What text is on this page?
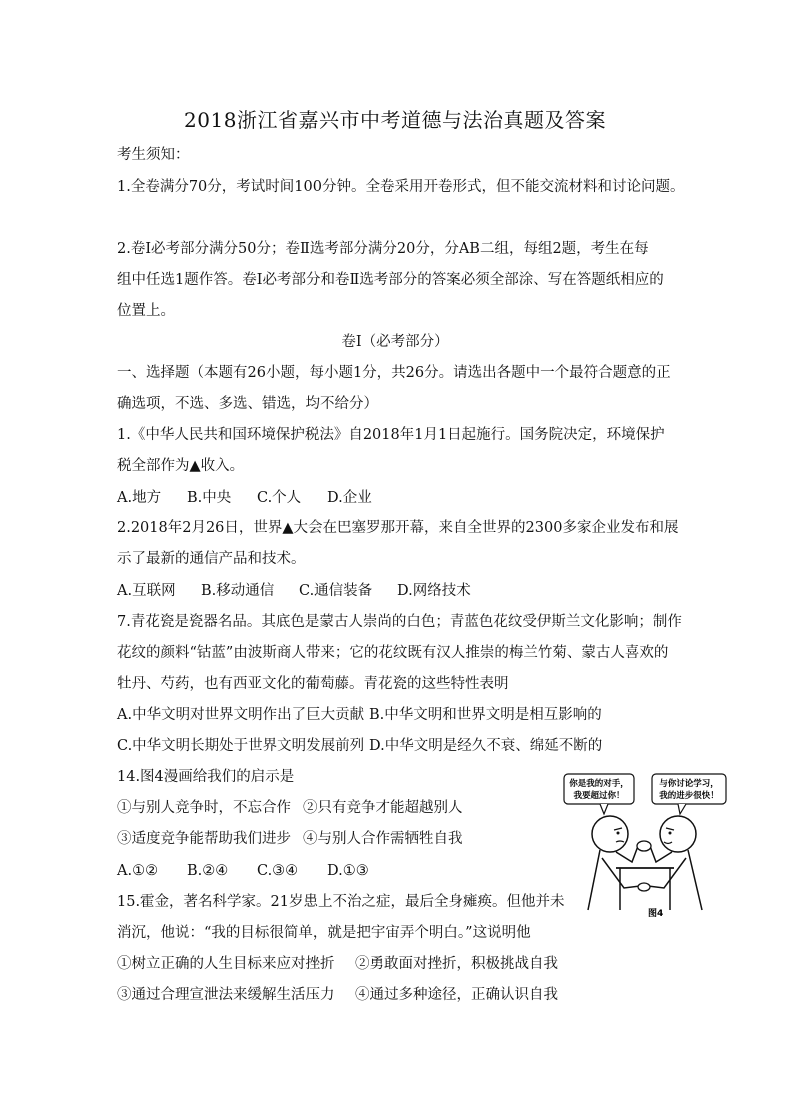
2018浙江省嘉兴市中考道德与法治真题及答案
考生须知：
1.全卷满分70分，考试时间100分钟。全卷采用开卷形式，但不能交流材料和讨论问题。
2.卷Ⅰ必考部分满分50分；卷Ⅱ选考部分满分20分，分AB二组，每组2题，考生在每
组中任选1题作答。卷Ⅰ必考部分和卷Ⅱ选考部分的答案必须全部涂、写在答题纸相应的
位置上。
卷Ⅰ（必考部分）
一、选择题（本题有26小题，每小题1分，共26分。请选出各题中一个最符合题意的正
确选项，不选、多选、错选，均不给分）
1.《中华人民共和国环境保护税法》自2018年1月1日起施行。国务院决定，环境保护
税全部作为▲收入。
A.地方 B.中央 C.个人 D.企业
2.2018年2月26日，世界▲大会在巴塞罗那开幕，来自全世界的2300多家企业发布和展
示了最新的通信产品和技术。
A.互联网 B.移动通信 C.通信装备 D.网络技术
7.青花瓷是瓷器名品。其底色是蒙古人崇尚的白色；青蓝色花纹受伊斯兰文化影响；制作
花纹的颜料“钴蓝”由波斯商人带来；它的花纹既有汉人推崇的梅兰竹菊、蒙古人喜欢的
牡丹、芍药，也有西亚文化的葡萄藤。青花瓷的这些特性表明
A.中华文明对世界文明作出了巨大贡献 B.中华文明和世界文明是相互影响的
C.中华文明长期处于世界文明发展前列 D.中华文明是经久不衰、绵延不断的
14.图4漫画给我们的启示是
①与别人竞争时，不忘合作 ②只有竞争才能超越别人
③适度竞争能帮助我们进步 ④与别人合作需牺牲自我
A.①② B.②④ C.③④ D.①③
15.霍金，著名科学家。21岁患上不治之症，最后全身瘫痪。但他并未
消沉，他说：“我的目标很简单，就是把宇宙弄个明白。”这说明他
①树立正确的人生目标来应对挫折 ②勇敢面对挫折，积极挑战自我
③通过合理宣泄法来缓解生活压力 ④通过多种途径，正确认识自我
你是我的对手，
我要超过你！
与你讨论学习，
我的进步很快！
图4
